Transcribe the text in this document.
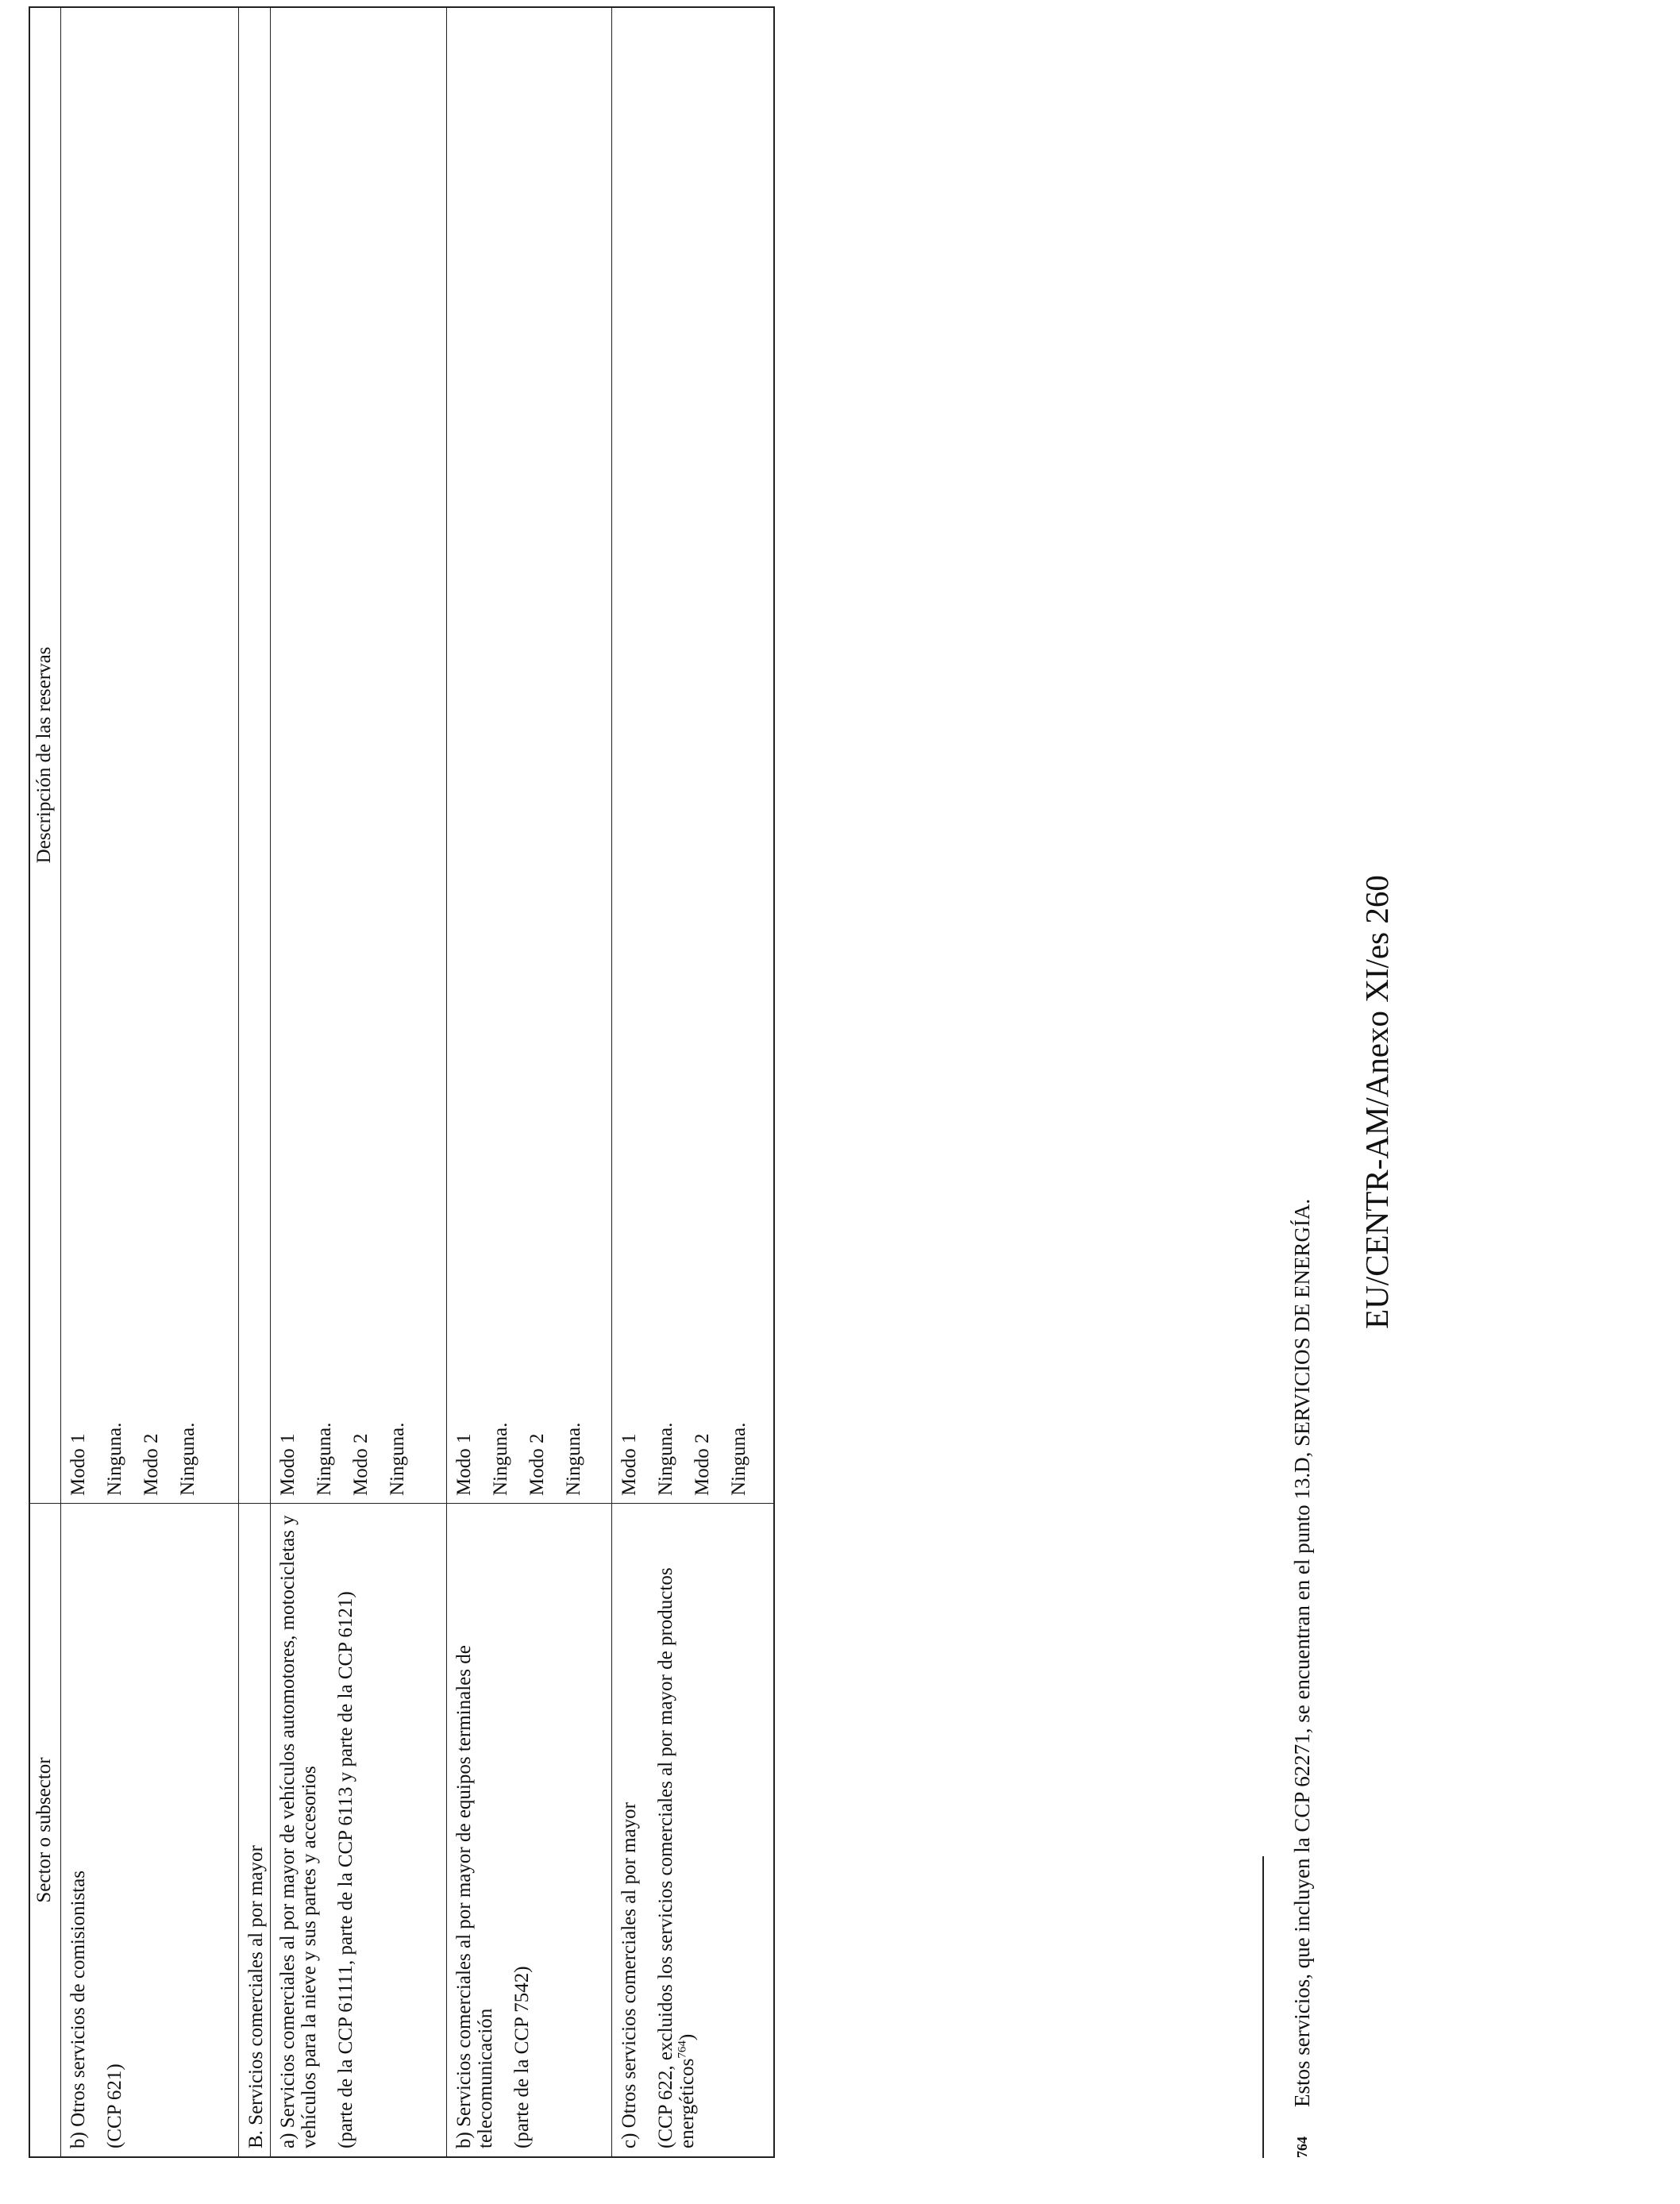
Sector o subsector
Descripción de las reservas

b) Otros servicios de comisionistas (CCP 621)

Modo 1 Ninguna. Modo 2 Ninguna.

B. Servicios comerciales al por mayor a) Servicios comerciales al por mayor de vehículos automotores, motocicletas y vehículos para la nieve y sus partes y accesorios (parte de la CCP 61111, parte de la CCP 6113 y parte de la CCP 6121)

Modo 1 Ninguna. Modo 2 Ninguna.

b) Servicios comerciales al por mayor de equipos terminales de telecomunicación (parte de la CCP 7542)

Modo 1 Ninguna. Modo 2 Ninguna.

c) Otros servicios comerciales al por mayor (CCP 622, excluidos los servicios comerciales al por mayor de productos energéticos$^{764}$)

Modo 1 Ninguna. Modo 2 Ninguna.

764Estos servicios, que incluyen la CCP 62271, se encuentran en el punto 13.D, SERVICIOS DE ENERGÍA.
EU/CENTR-AM/Anexo XI/es 260
